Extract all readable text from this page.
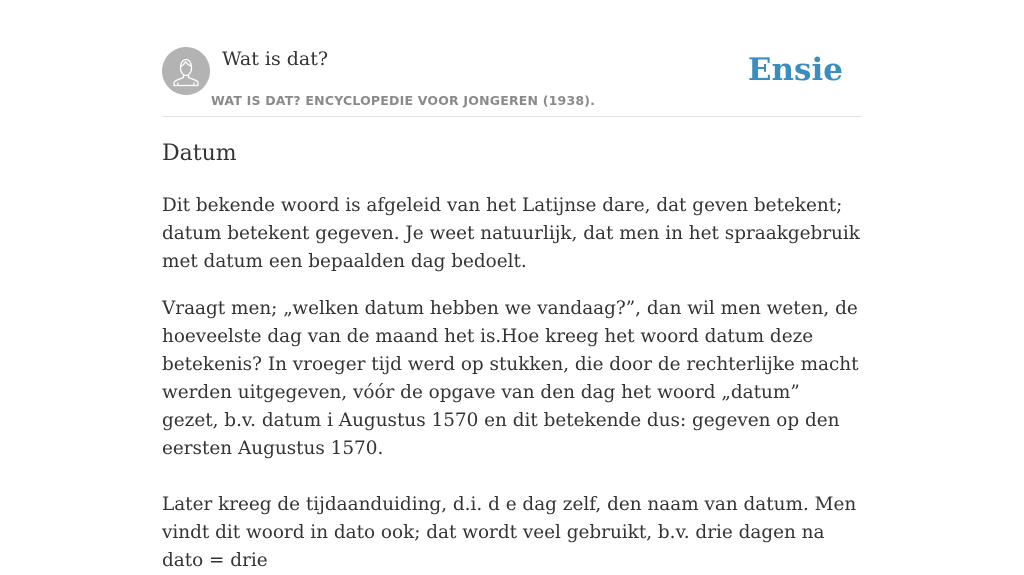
Wat is dat?
WAT IS DAT? ENCYCLOPEDIE VOOR JONGEREN (1938).
Ensie
Datum

Dit bekende woord is afgeleid van het Latijnse dare, dat geven betekent; datum betekent gegeven. Je weet natuurlijk, dat men in het spraakgebruik met datum een bepaalden dag bedoelt.

Vraagt men; „welken datum hebben we vandaag?”, dan wil men weten, de hoeveelste dag van de maand het is.Hoe kreeg het woord datum deze betekenis? In vroeger tijd werd op stukken, die door de rechterlijke macht werden uitgegeven, vóór de opgave van den dag het woord „datum” gezet, b.v. datum i Augustus 1570 en dit betekende dus: gegeven op den eersten Augustus 1570.

Later kreeg de tijdaanduiding, d.i. d e dag zelf, den naam van datum. Men vindt dit woord in dato ook; dat wordt veel gebruikt, b.v. drie dagen na dato = drie
